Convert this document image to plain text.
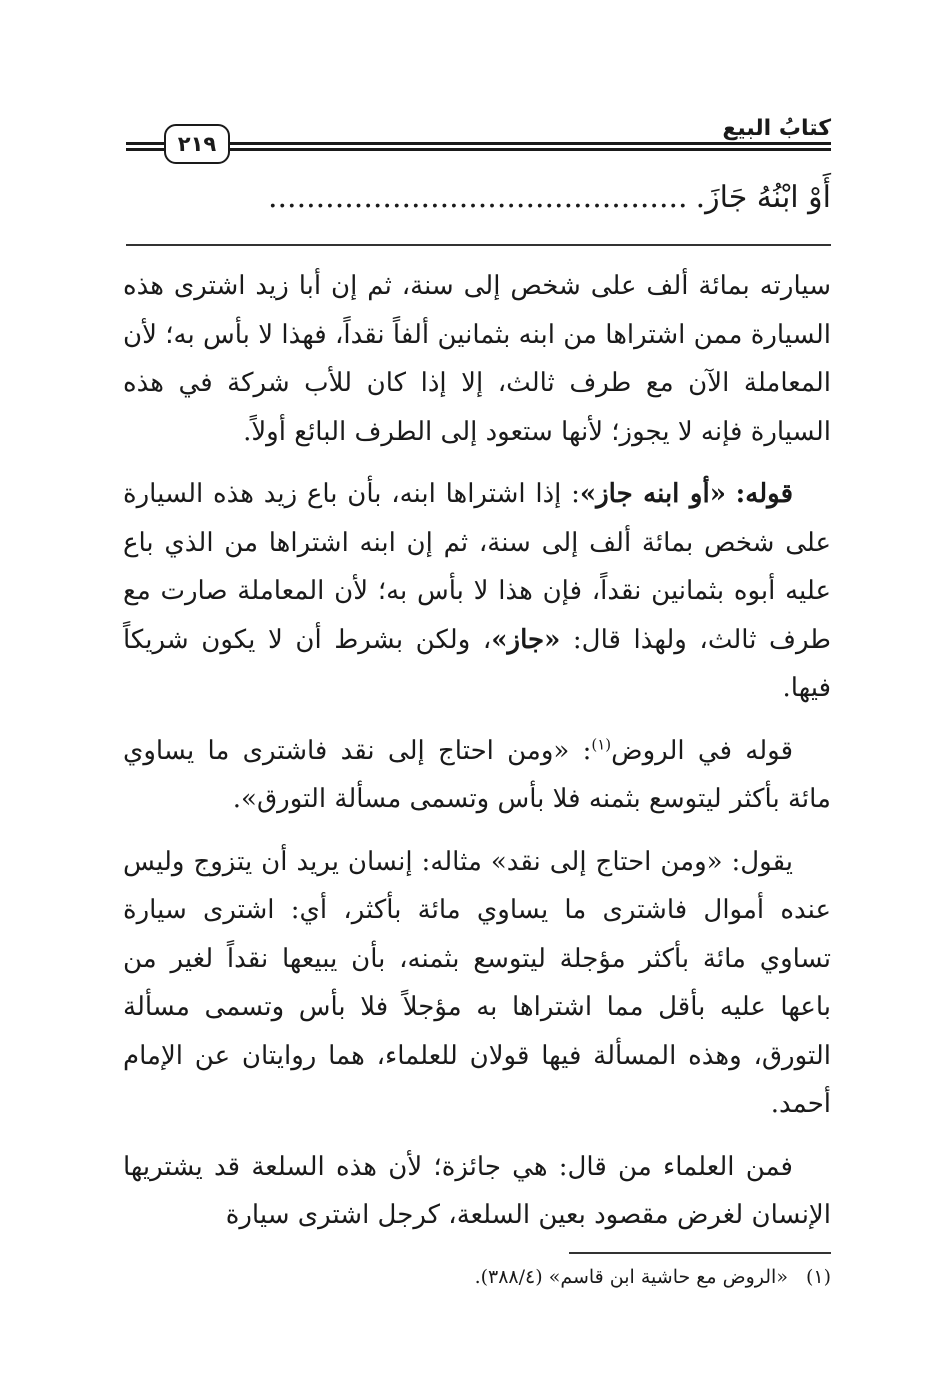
كتابُ البيع
٢١٩
أَوْ ابْنُهُ جَازَ.............................................

سيارته بمائة ألف على شخص إلى سنة، ثم إن أبا زيد اشترى هذه السيارة ممن اشتراها من ابنه بثمانين ألفاً نقداً، فهذا لا بأس به؛ لأن المعاملة الآن مع طرف ثالث، إلا إذا كان للأب شركة في هذه السيارة فإنه لا يجوز؛ لأنها ستعود إلى الطرف البائع أولاً.

قوله: «أو ابنه جاز»: إذا اشتراها ابنه، بأن باع زيد هذه السيارة على شخص بمائة ألف إلى سنة، ثم إن ابنه اشتراها من الذي باع عليه أبوه بثمانين نقداً، فإن هذا لا بأس به؛ لأن المعاملة صارت مع طرف ثالث، ولهذا قال: «جاز»، ولكن بشرط أن لا يكون شريكاً فيها.

قوله في الروض$^{(١)}$: «ومن احتاج إلى نقد فاشترى ما يساوي مائة بأكثر ليتوسع بثمنه فلا بأس وتسمى مسألة التورق».

يقول: «ومن احتاج إلى نقد» مثاله: إنسان يريد أن يتزوج وليس عنده أموال فاشترى ما يساوي مائة بأكثر، أي: اشترى سيارة تساوي مائة بأكثر مؤجلة ليتوسع بثمنه، بأن يبيعها نقداً لغير من باعها عليه بأقل مما اشتراها به مؤجلاً فلا بأس وتسمى مسألة التورق، وهذه المسألة فيها قولان للعلماء، هما روايتان عن الإمام أحمد.

فمن العلماء من قال: هي جائزة؛ لأن هذه السلعة قد يشتريها الإنسان لغرض مقصود بعين السلعة، كرجل اشترى سيارة

(١)«الروض مع حاشية ابن قاسم» (٣٨٨/٤).
